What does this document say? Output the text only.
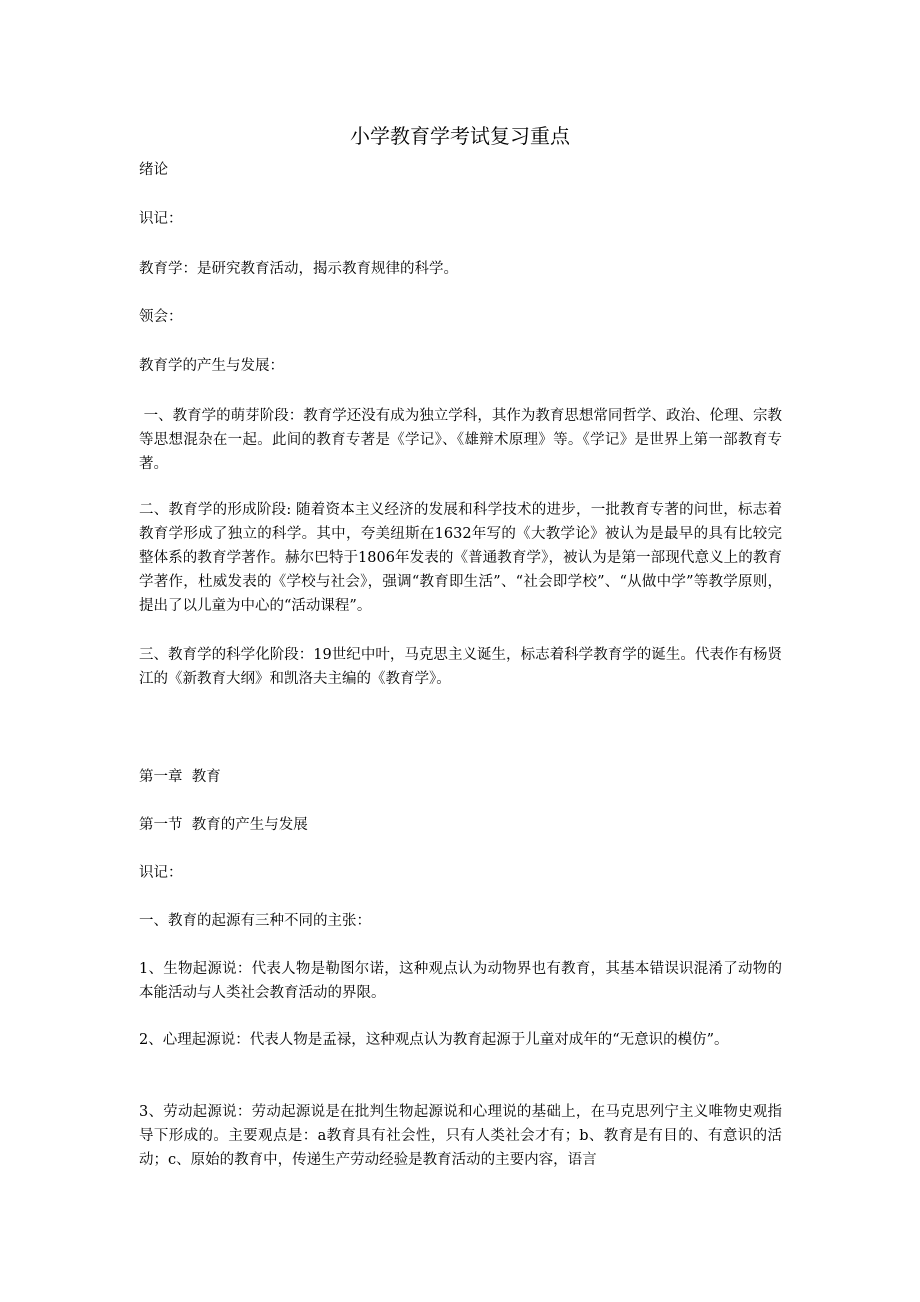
小学教育学考试复习重点

绪论

识记：

教育学：是研究教育活动，揭示教育规律的科学。

领会：

教育学的产生与发展：

一、教育学的萌芽阶段：教育学还没有成为独立学科，其作为教育思想常同哲学、政治、伦理、宗教等思想混杂在一起。此间的教育专著是《学记》、《雄辩术原理》等。《学记》是世界上第一部教育专著。

二、教育学的形成阶段: 随着资本主义经济的发展和科学技术的进步，一批教育专著的问世，标志着教育学形成了独立的科学。其中，夸美纽斯在1632年写的《大教学论》被认为是最早的具有比较完整体系的教育学著作。赫尔巴特于1806年发表的《普通教育学》，被认为是第一部现代意义上的教育学著作，杜威发表的《学校与社会》，强调“教育即生活”、“社会即学校”、“从做中学”等教学原则，提出了以儿童为中心的“活动课程”。

三、教育学的科学化阶段：19世纪中叶，马克思主义诞生，标志着科学教育学的诞生。代表作有杨贤江的《新教育大纲》和凯洛夫主编的《教育学》。

第一章  教育

第一节  教育的产生与发展

识记：

一、教育的起源有三种不同的主张：

1、生物起源说：代表人物是勒图尔诺，这种观点认为动物界也有教育，其基本错误识混淆了动物的本能活动与人类社会教育活动的界限。

2、心理起源说：代表人物是孟禄，这种观点认为教育起源于儿童对成年的“无意识的模仿”。

3、劳动起源说：劳动起源说是在批判生物起源说和心理说的基础上，在马克思列宁主义唯物史观指导下形成的。主要观点是：a教育具有社会性，只有人类社会才有；b、教育是有目的、有意识的活动；c、原始的教育中，传递生产劳动经验是教育活动的主要内容，语言
